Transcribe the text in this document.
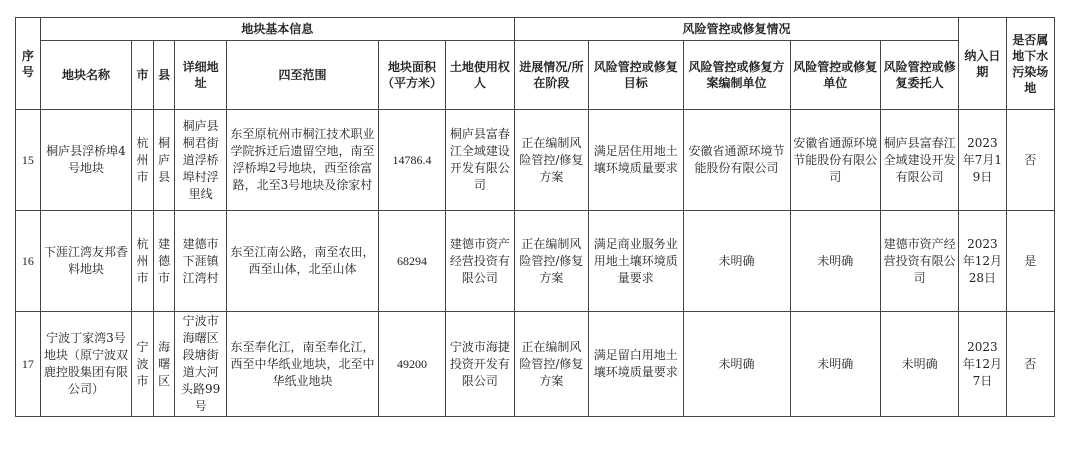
序号	地块基本信息							风险管控或修复情况					纳入日期	是否属地下水污染场地
	地块名称	市	县	详细地址	四至范围	地块面积（平方米）	土地使用权人	进展情况/所在阶段	风险管控或修复目标	风险管控或修复方案编制单位	风险管控或修复单位	风险管控或修复委托人		
15	桐庐县浮桥埠4号地块	杭州市	桐庐县	桐庐县桐君街道浮桥埠村浮里线	东至原杭州市桐江技术职业学院拆迁后遗留空地，南至浮桥埠2号地块，西至徐富路，北至3号地块及徐家村	14786.4	桐庐县富春江全域建设开发有限公司	正在编制风险管控/修复方案	满足居住用地土壤环境质量要求	安徽省通源环境节能股份有限公司	安徽省通源环境节能股份有限公司	桐庐县富春江全域建设开发有限公司	2023年7月19日	否
16	下涯江湾友邦香料地块	杭州市	建德市	建德市下涯镇江湾村	东至江南公路，南至农田，西至山体，北至山体	68294	建德市资产经营投资有限公司	正在编制风险管控/修复方案	满足商业服务业用地土壤环境质量要求	未明确	未明确	建德市资产经营投资有限公司	2023年12月28日	是
17	宁波丁家湾3号地块（原宁波双鹿控股集团有限公司）	宁波市	海曙区	宁波市海曙区段塘街道大河头路99号	东至奉化江，南至奉化江，西至中华纸业地块，北至中华纸业地块	49200	宁波市海捷投资开发有限公司	正在编制风险管控/修复方案	满足留白用地土壤环境质量要求	未明确	未明确	未明确	2023年12月7日	否
